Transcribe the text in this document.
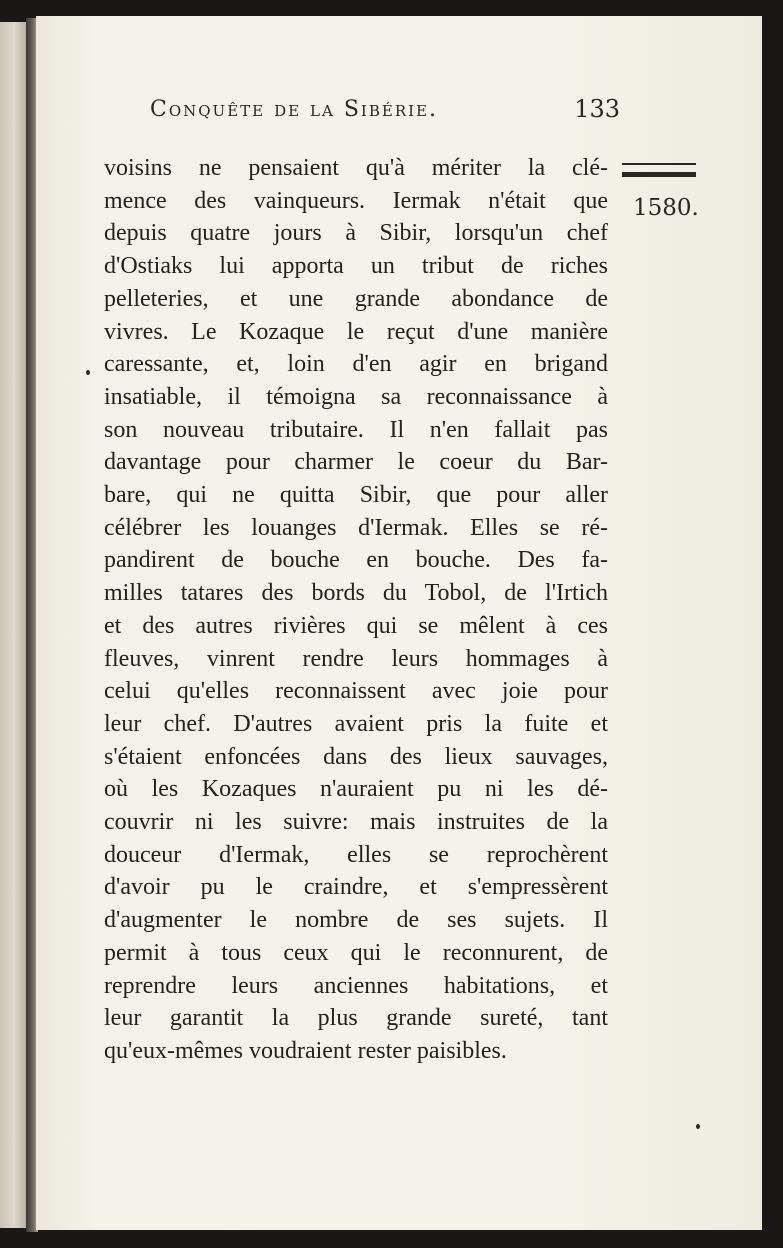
Conquête de la Sibérie.	133
1580.
voisins ne pensaient qu'à mériter la clé-
mence des vainqueurs. Iermak n'était que
depuis quatre jours à Sibir, lorsqu'un chef
d'Ostiaks lui apporta un tribut de riches
pelleteries, et une grande abondance de
vivres. Le Kozaque le reçut d'une manière
caressante, et, loin d'en agir en brigand
insatiable, il témoigna sa reconnaissance à
son nouveau tributaire. Il n'en fallait pas
davantage pour charmer le coeur du Bar-
bare, qui ne quitta Sibir, que pour aller
célébrer les louanges d'Iermak. Elles se ré-
pandirent de bouche en bouche. Des fa-
milles tatares des bords du Tobol, de l'Irtich
et des autres rivières qui se mêlent à ces
fleuves, vinrent rendre leurs hommages à
celui qu'elles reconnaissent avec joie pour
leur chef. D'autres avaient pris la fuite et
s'étaient enfoncées dans des lieux sauvages,
où les Kozaques n'auraient pu ni les dé-
couvrir ni les suivre: mais instruites de la
douceur d'Iermak, elles se reprochèrent
d'avoir pu le craindre, et s'empressèrent
d'augmenter le nombre de ses sujets. Il
permit à tous ceux qui le reconnurent, de
reprendre leurs anciennes habitations, et
leur garantit la plus grande sureté, tant
qu'eux-mêmes voudraient rester paisibles.
